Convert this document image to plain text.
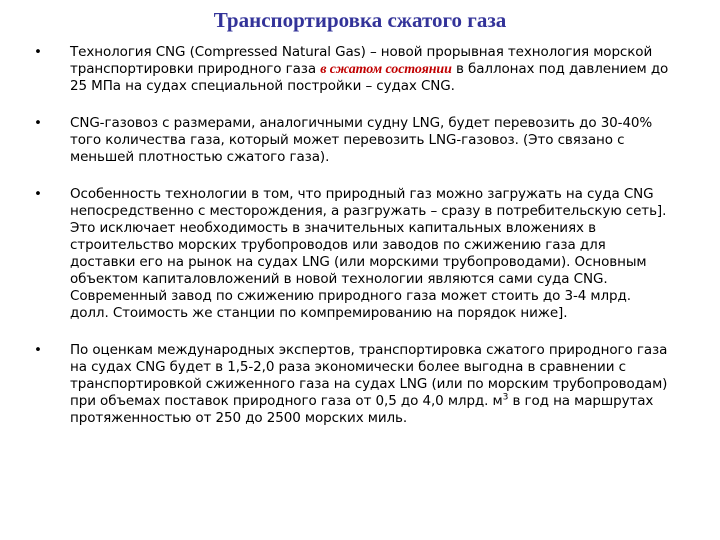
Транспортировка сжатого газа
• Технология CNG (Compressed Natural Gas) – новой прорывная технология морской транспортировки природного газа в сжатом состоянии в баллонах под давлением до 25 МПа на судах специальной постройки – судах CNG.
• CNG-газовоз с размерами, аналогичными судну LNG, будет перевозить до 30-40% того количества газа, который может перевозить LNG-газовоз. (Это связано с меньшей плотностью сжатого газа).
• Особенность технологии в том, что природный газ можно загружать на суда CNG непосредственно с месторождения, а разгружать – сразу в потребительскую сеть]. Это исключает необходимость в значительных капитальных вложениях в строительство морских трубопроводов или заводов по сжижению газа для доставки его на рынок на судах LNG (или морскими трубопроводами). Основным объектом капиталовложений в новой технологии являются сами суда CNG. Современный завод по сжижению природного газа может стоить до 3-4 млрд. долл. Стоимость же станции по компремированию на порядок ниже].
• По оценкам международных экспертов, транспортировка сжатого природного газа на судах CNG будет в 1,5-2,0 раза экономически более выгодна в сравнении с транспортировкой сжиженного газа на судах LNG (или по морским трубопроводам) при объемах поставок природного газа от 0,5 до 4,0 млрд. $м^3$ в год на маршрутах протяженностью от 250 до 2500 морских миль.
